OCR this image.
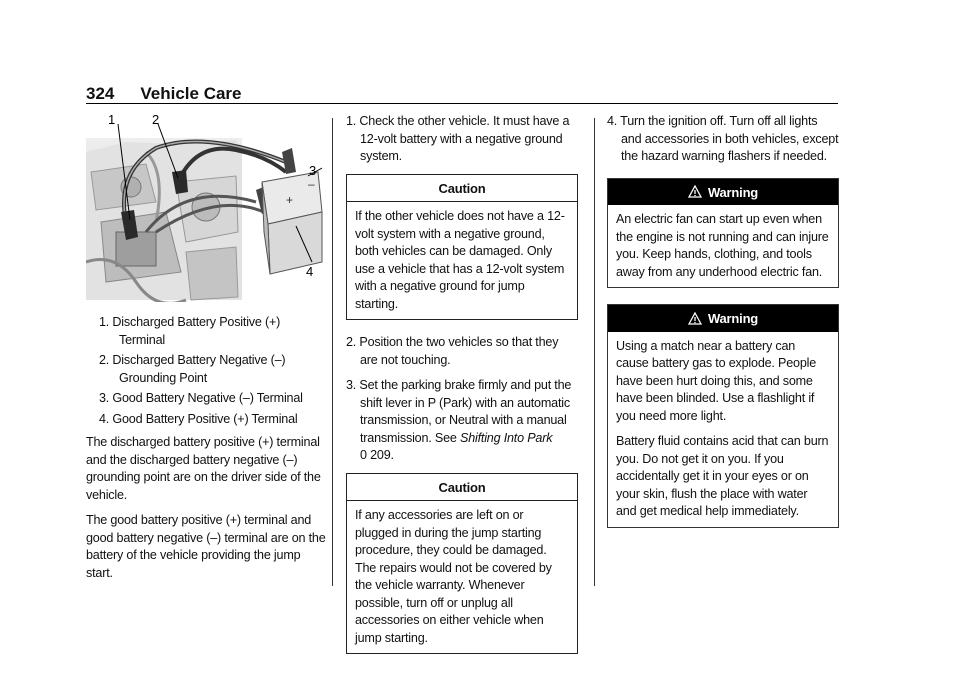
324 Vehicle Care
+
–
1	2
3
4
1. Discharged Battery Positive (+) Terminal
2. Discharged Battery Negative (–) Grounding Point
3. Good Battery Negative (–) Terminal
4. Good Battery Positive (+) Terminal

The discharged battery positive (+) terminal and the discharged battery negative (–) grounding point are on the driver side of the vehicle.

The good battery positive (+) terminal and good battery negative (–) terminal are on the battery of the vehicle providing the jump start.

1. Check the other vehicle. It must have a 12-volt battery with a negative ground system.
Caution
If the other vehicle does not have a 12-volt system with a negative ground, both vehicles can be damaged. Only use a vehicle that has a 12-volt system with a negative ground for jump starting.
2. Position the two vehicles so that they are not touching.
3. Set the parking brake firmly and put the shift lever in P (Park) with an automatic transmission, or Neutral with a manual transmission. See Shifting Into Park
0 209.
Caution
If any accessories are left on or plugged in during the jump starting procedure, they could be damaged. The repairs would not be covered by the vehicle warranty. Whenever possible, turn off or unplug all accessories on either vehicle when jump starting.
4. Turn the ignition off. Turn off all lights and accessories in both vehicles, except the hazard warning flashers if needed.
Warning
An electric fan can start up even when the engine is not running and can injure you. Keep hands, clothing, and tools away from any underhood electric fan.
Warning

Using a match near a battery can cause battery gas to explode. People have been hurt doing this, and some have been blinded. Use a flashlight if you need more light.

Battery fluid contains acid that can burn you. Do not get it on you. If you accidentally get it in your eyes or on your skin, flush the place with water and get medical help immediately.
